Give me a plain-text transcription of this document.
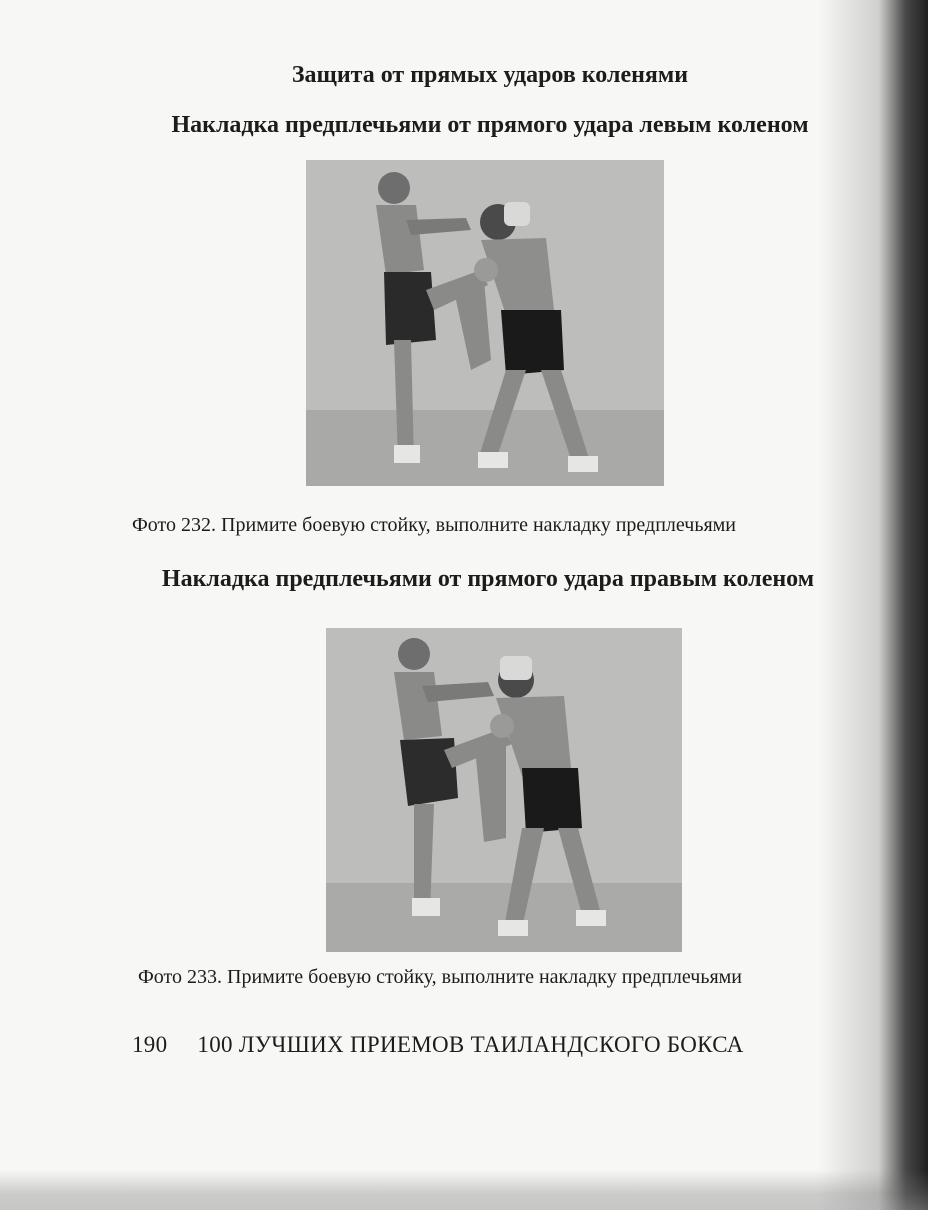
Защита от прямых ударов коленями
Накладка предплечьями от прямого удара левым коленом
Фото 232. Примите боевую стойку, выполните накладку предплечьями
Накладка предплечьями от прямого удара правым коленом
Фото 233. Примите боевую стойку, выполните накладку предплечьями
190 100 ЛУЧШИХ ПРИЕМОВ ТАИЛАНДСКОГО БОКСА
